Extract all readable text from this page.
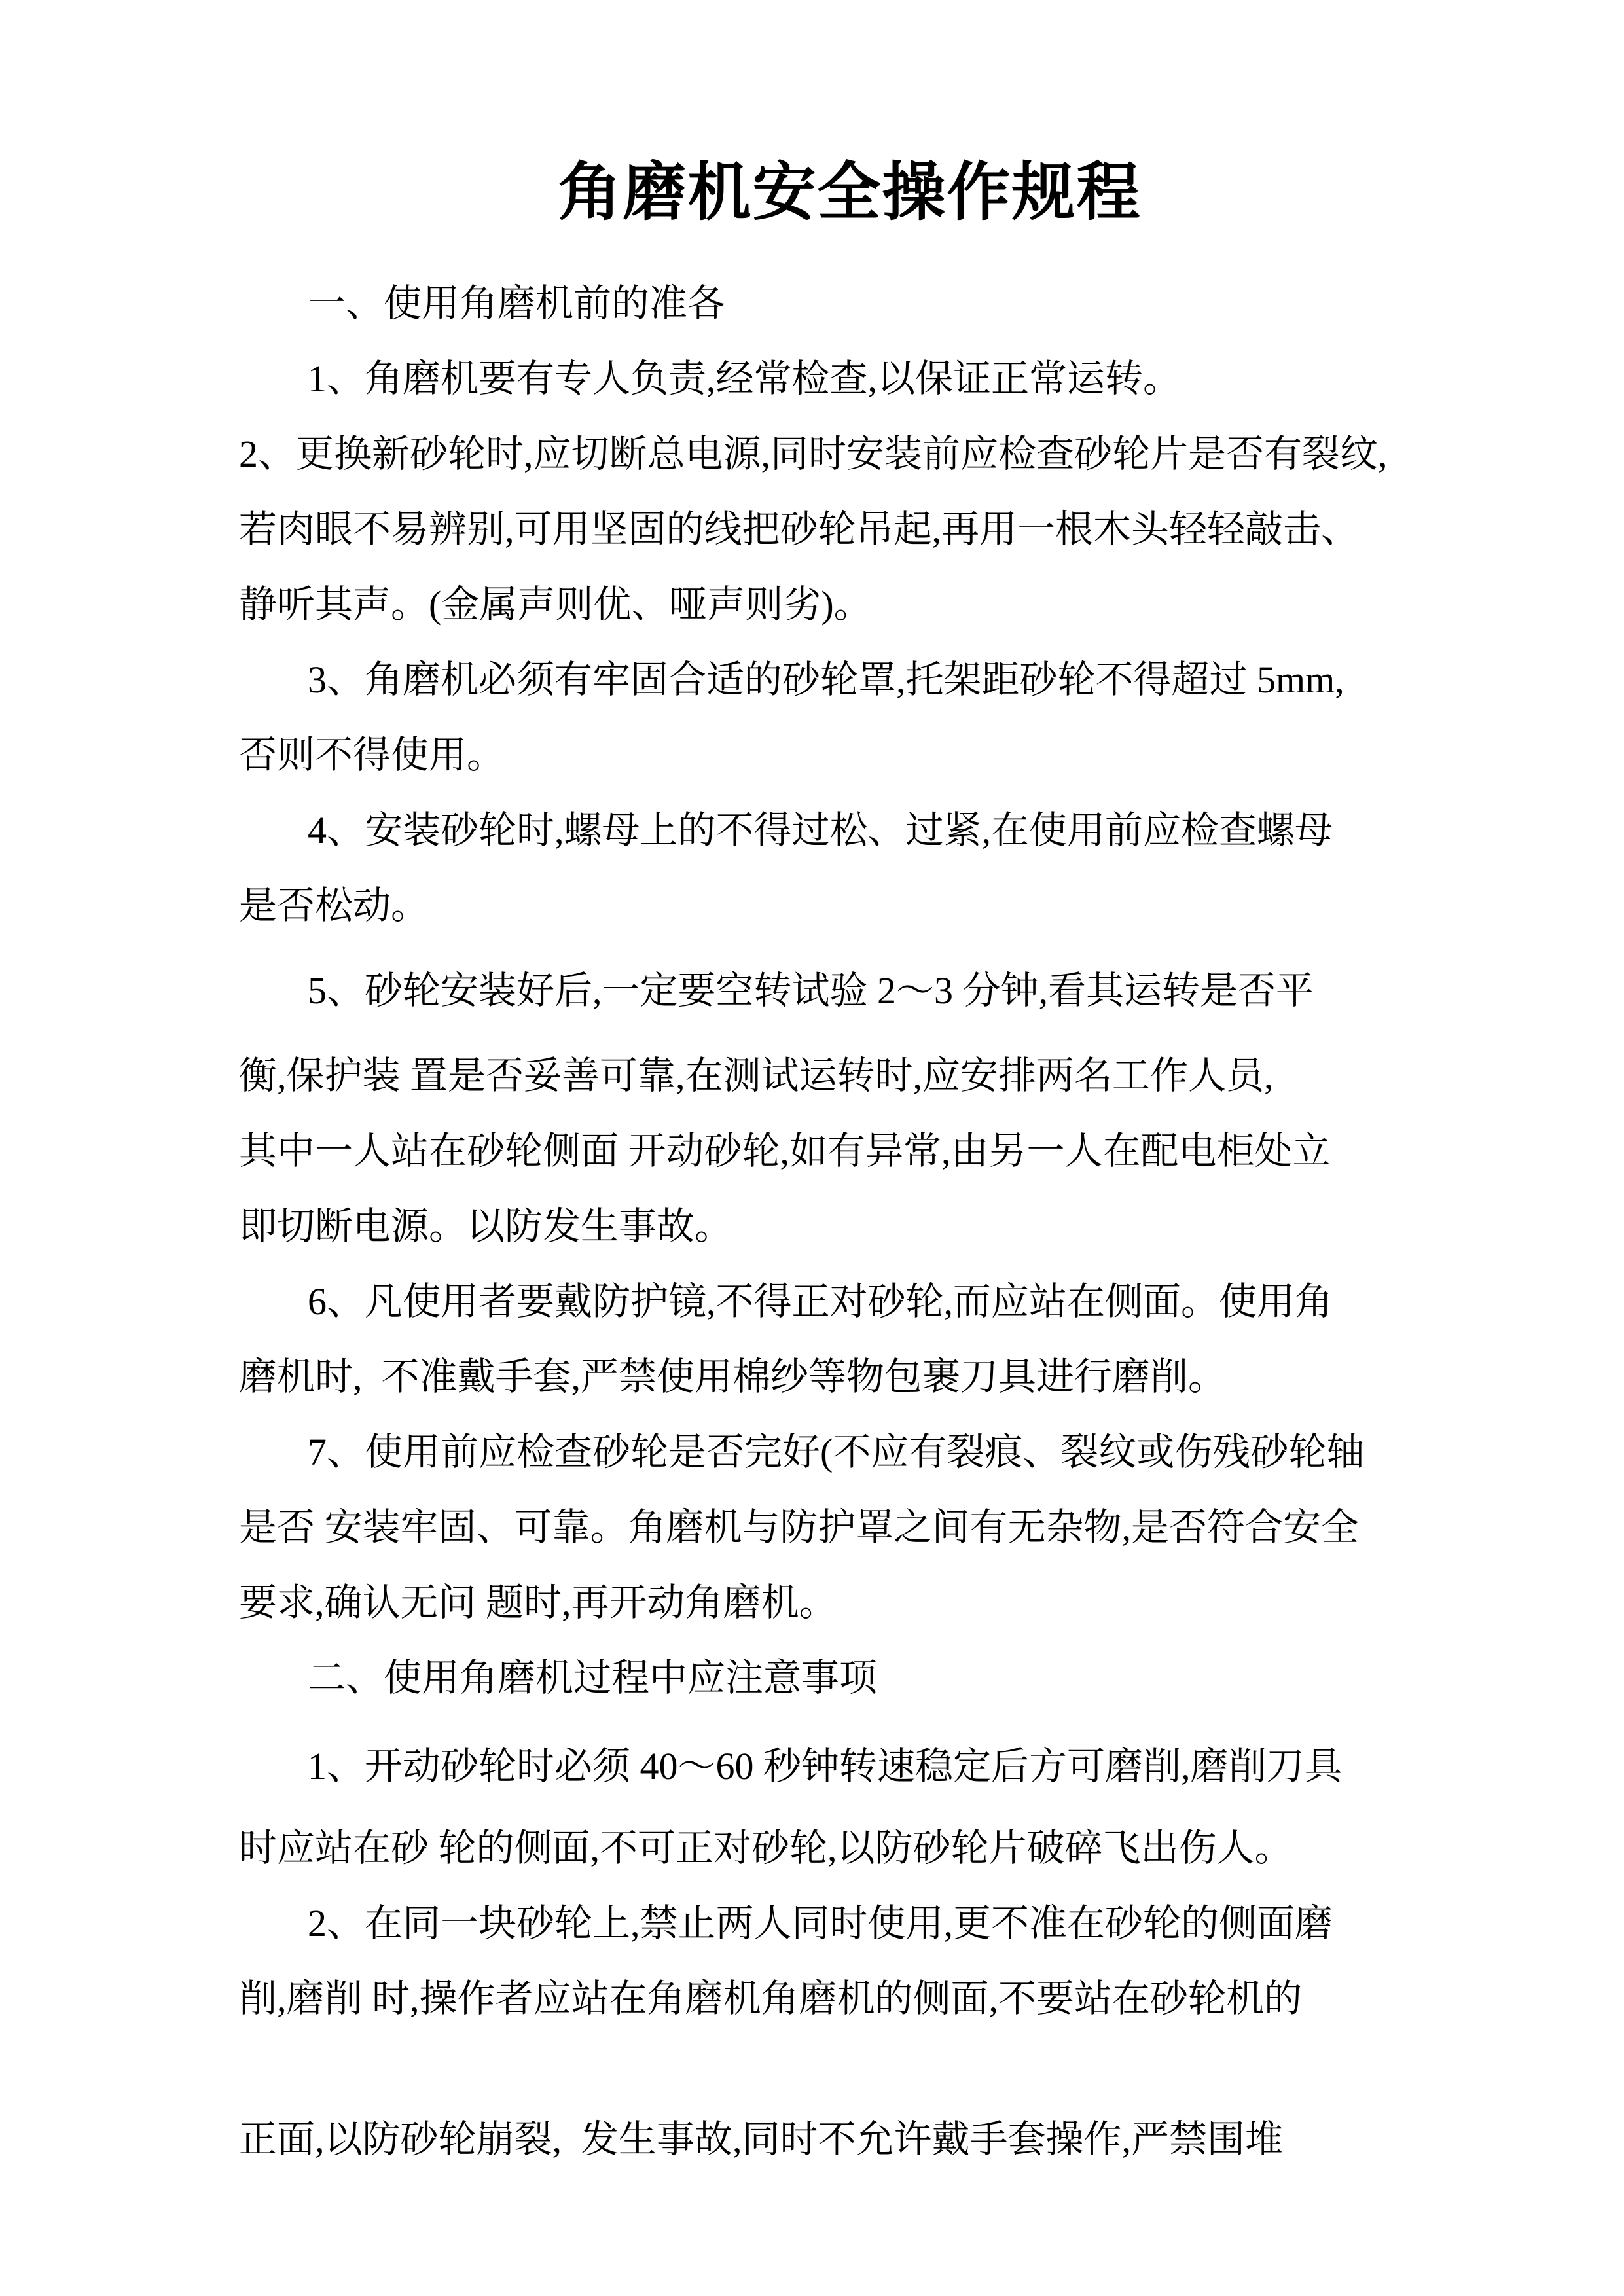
角磨机安全操作规程
一、使用角磨机前的准各
1、角磨机要有专人负责,经常检查,以保证正常运转。
2、更换新砂轮时,应切断总电源,同时安装前应检查砂轮片是否有裂纹,
若肉眼不易辨别,可用坚固的线把砂轮吊起,再用一根木头轻轻敲击、
静听其声。(金属声则优、哑声则劣)。
3、角磨机必须有牢固合适的砂轮罩,托架距砂轮不得超过 5mm,
否则不得使用。
4、安装砂轮时,螺母上的不得过松、过紧,在使用前应检查螺母
是否松动。
5、砂轮安装好后,一定要空转试验 2〜3 分钟,看其运转是否平
衡,保护装 置是否妥善可靠,在测试运转时,应安排两名工作人员,
其中一人站在砂轮侧面 开动砂轮,如有异常,由另一人在配电柜处立
即切断电源。以防发生事故。
6、凡使用者要戴防护镜,不得正对砂轮,而应站在侧面。使用角
磨机时,  不准戴手套,严禁使用棉纱等物包裹刀具进行磨削。
7、使用前应检查砂轮是否完好(不应有裂痕、裂纹或伤残砂轮轴
是否 安装牢固、可靠。角磨机与防护罩之间有无杂物,是否符合安全
要求,确认无问 题时,再开动角磨机。
二、使用角磨机过程中应注意事项
1、开动砂轮时必须 40〜60 秒钟转速稳定后方可磨削,磨削刀具
时应站在砂 轮的侧面,不可正对砂轮,以防砂轮片破碎飞出伤人。
2、在同一块砂轮上,禁止两人同时使用,更不准在砂轮的侧面磨
削,磨削 时,操作者应站在角磨机角磨机的侧面,不要站在砂轮机的
正面,以防砂轮崩裂,  发生事故,同时不允许戴手套操作,严禁围堆
